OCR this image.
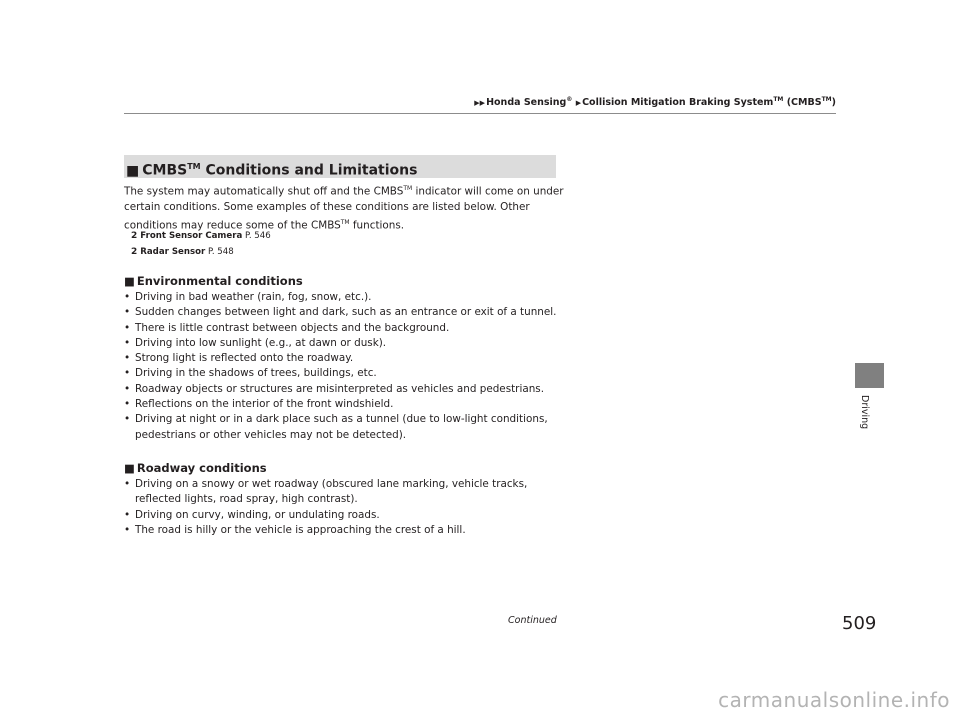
▶▶Honda Sensing® ▶Collision Mitigation Braking System™ (CMBS™)
■ CMBS™ Conditions and Limitations

The system may automatically shut off and the CMBS™ indicator will come on under certain conditions. Some examples of these conditions are listed below. Other conditions may reduce some of the CMBS™ functions.

2 Front Sensor Camera P. 546
2 Radar Sensor P. 548
■ Environmental conditions
• Driving in bad weather (rain, fog, snow, etc.).
• Sudden changes between light and dark, such as an entrance or exit of a tunnel.
• There is little contrast between objects and the background.
• Driving into low sunlight (e.g., at dawn or dusk).
• Strong light is reflected onto the roadway.
• Driving in the shadows of trees, buildings, etc.
• Roadway objects or structures are misinterpreted as vehicles and pedestrians.
• Reflections on the interior of the front windshield.
• Driving at night or in a dark place such as a tunnel (due to low-light conditions, pedestrians or other vehicles may not be detected).
■ Roadway conditions
• Driving on a snowy or wet roadway (obscured lane marking, vehicle tracks, reflected lights, road spray, high contrast).
• Driving on curvy, winding, or undulating roads.
• The road is hilly or the vehicle is approaching the crest of a hill.
Continued	509
Driving
carmanualsonline.info
